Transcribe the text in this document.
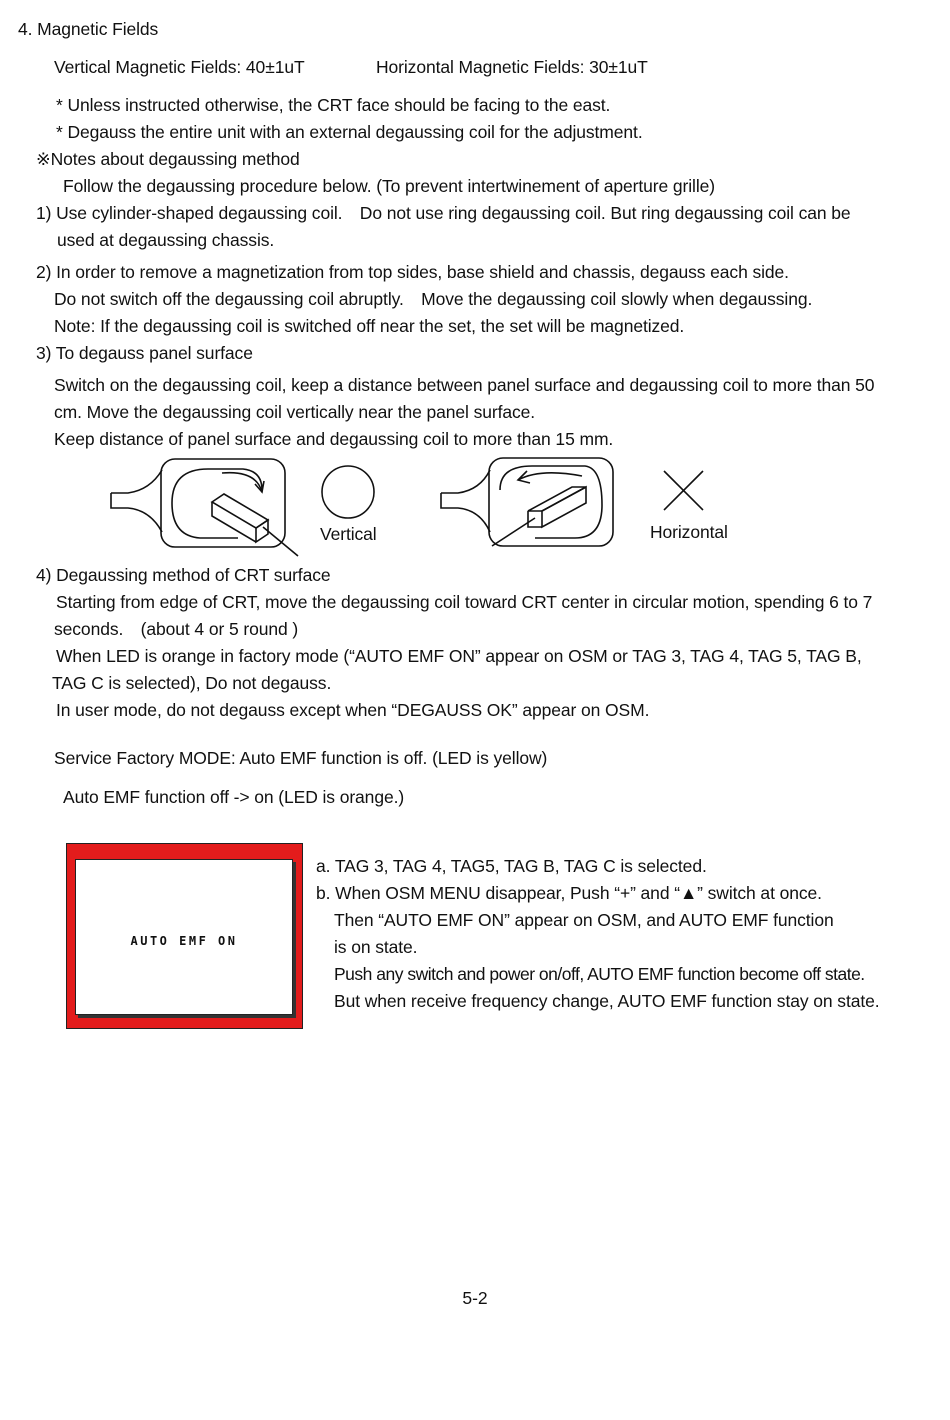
4. Magnetic Fields
Vertical Magnetic Fields: 40±1uT	Horizontal Magnetic Fields: 30±1uT
* Unless instructed otherwise, the CRT face should be facing to the east.
* Degauss the entire unit with an external degaussing coil for the adjustment.
※Notes about degaussing method
Follow the degaussing procedure below. (To prevent intertwinement of aperture grille)
1) Use cylinder-shaped degaussing coil.　Do not use ring degaussing coil. But ring degaussing coil can be
used at degaussing chassis.
2) In order to remove a magnetization from top sides, base shield and chassis, degauss each side.
Do not switch off the degaussing coil abruptly.　Move the degaussing coil slowly when degaussing.
Note: If the degaussing coil is switched off near the set, the set will be magnetized.
3) To degauss panel surface
Switch on the degaussing coil, keep a distance between panel surface and degaussing coil to more than 50
cm. Move the degaussing coil vertically near the panel surface.
Keep distance of panel surface and degaussing coil to more than 15 mm.
Vertical	Horizontal
4) Degaussing method of CRT surface
Starting from edge of CRT, move the degaussing coil toward CRT center in circular motion, spending 6 to 7
seconds.　(about 4 or 5 round )
When LED is orange in factory mode (“AUTO EMF ON” appear on OSM or TAG 3, TAG 4, TAG 5, TAG B,
TAG C is selected), Do not degauss.
In user mode, do not degauss except when “DEGAUSS OK” appear on OSM.
Service Factory MODE: Auto EMF function is off. (LED is yellow)
Auto EMF function off -> on (LED is orange.)
AUTO EMF ON
a. TAG 3, TAG 4, TAG5, TAG B, TAG C is selected.
b. When OSM MENU disappear, Push “+” and “▲” switch at once.
Then “AUTO EMF ON” appear on OSM, and AUTO EMF function
is on state.
Push any switch and power on/off, AUTO EMF function become off state.
But when receive frequency change, AUTO EMF function stay on state.
5-2
